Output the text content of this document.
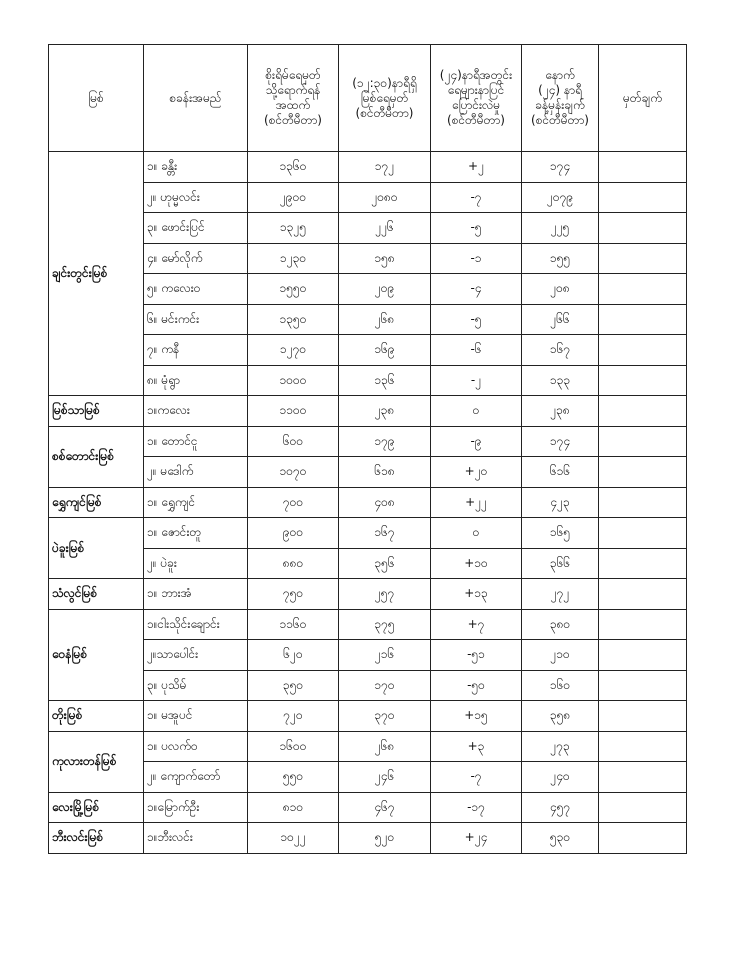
မြစ်	စခန်းအမည်	စိုးရိမ်ရေမှတ်
သို့ရောက်ရန်
အထက်
(စင်တီမီတာ)	(၁၂:၃၀)နာရီရှိ
မြစ်ရေမှတ်
(စင်တီမီတာ)	(၂၄)နာရီအတွင်း
ရေများနာပြင်
ပြောင်းလဲမှု
(စင်တီမီတာ)	နောက်
(၂၄) နာရီ
ခန့်မှန်းချက်
(စင်တီမီတာ)	မှတ်ချက်
ချင်းတွင်းမြစ်	၁။ ခန္တီး	၁၃၆၀	၁၇၂	+၂	၁၇၄	
	၂။ ဟုမ္မလင်း	၂၉၀၀	၂၀၈၀	-၇	၂၀၇၉	
	၃။ ဖောင်းပြင်	၁၃၂၅	၂၂၆	-၅	၂၂၅	
	၄။ မော်လိုက်	၁၂၃၀	၁၅၈	-၁	၁၅၅	
	၅။ ကလေးဝ	၁၅၅၀	၂၀၉	-၄	၂၀၈	
	၆။ မင်းကင်း	၁၃၅၀	၂၆၈	-၅	၂၆၆	
	၇။ ကနီ	၁၂၇၀	၁၆၉	-၆	၁၆၇	
	၈။ မုံရွာ	၁၀၀၀	၁၃၆	-၂	၁၃၃	
မြစ်သာမြစ်	၁။ကလေး	၁၁၀၀	၂၃၈	၀	၂၃၈	
စစ်တောင်းမြစ်	၁။ တောင်ငူ	၆၀၀	၁၇၉	-၉	၁၇၄	
	၂။ မဒေါက်	၁၀၇၀	၆၁၈	+၂၀	၆၁၆	
ရွှေကျင်မြစ်	၁။ ရွှေကျင်	၇၀၀	၄၀၈	+၂၂	၄၂၃	
ပဲခူးမြစ်	၁။ ဇောင်းတူ	၉၀၀	၁၆၇	၀	၁၆၅	
	၂။ ပဲခူး	၈၈၀	၃၅၆	+၁၀	၃၆၆	
သံလွင်မြစ်	၁။ ဘားအံ	၇၅၀	၂၅၇	+၁၃	၂၇၂	
ဝေနံမြစ်	၁။ငါးသိုင်းချောင်း	၁၁၆၀	၃၇၅	+၇	၃၈၀	
	၂။သာပေါင်း	၆၂၀	၂၁၆	-၅၁	၂၁၀	
	၃။ ပုသိမ်	၃၅၀	၁၇၀	-၅၀	၁၆၀	
တိုးမြစ်	၁။ မအူပင်	၇၂၀	၃၇၀	+၁၅	၃၅၈	
ကုလားတန်မြစ်	၁။ ပလက်ဝ	၁၆၀၀	၂၆၈	+၃	၂၇၃	
	၂။ ကျောက်တော်	၅၅၀	၂၄၆	-၇	၂၄၀	
လေးမြို့မြစ်	၁။မြောက်ဦး	၈၁၀	၄၆၇	-၁၇	၄၅၇	
ဘီးလင်းမြစ်	၁။ဘီးလင်း	၁၀၂၂	၅၂၀	+၂၄	၅၃၀	
